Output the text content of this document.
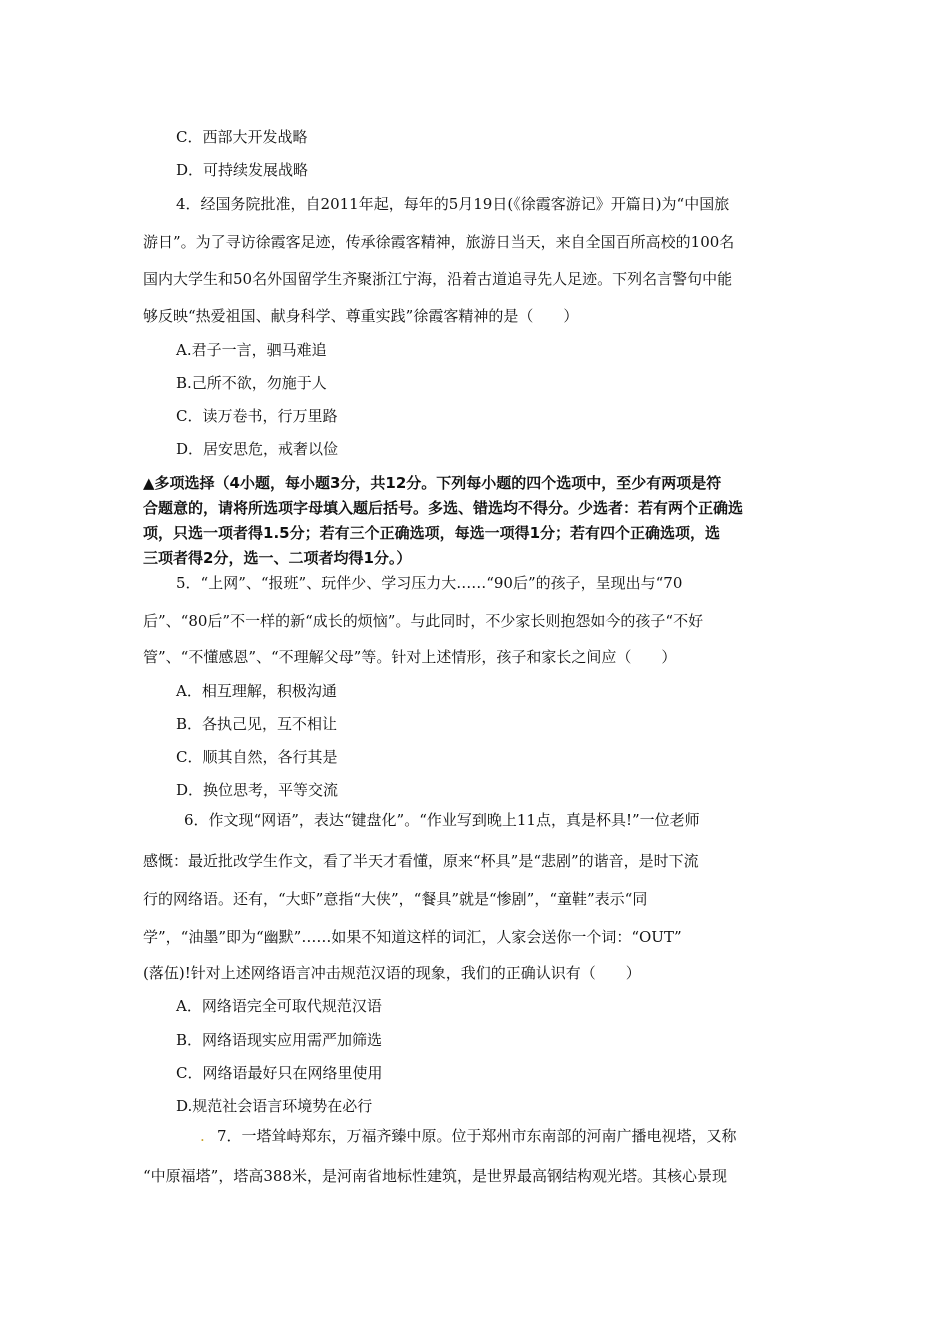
C．西部大开发战略
D．可持续发展战略
4．经国务院批准，自2011年起，每年的5月19日(《徐霞客游记》开篇日)为“中国旅
游日”。为了寻访徐霞客足迹，传承徐霞客精神，旅游日当天，来自全国百所高校的100名
国内大学生和50名外国留学生齐聚浙江宁海，沿着古道追寻先人足迹。下列名言警句中能
够反映“热爱祖国、献身科学、尊重实践”徐霞客精神的是（　　）
A.君子一言，驷马难追
B.己所不欲，勿施于人
C．读万卷书，行万里路
D．居安思危，戒奢以俭
▲多项选择（4小题，每小题3分，共12分。下列每小题的四个选项中，至少有两项是符
合题意的，请将所选项字母填入题后括号。多选、错选均不得分。少选者：若有两个正确选
项，只选一项者得1.5分；若有三个正确选项，每选一项得1分；若有四个正确选项，选
三项者得2分，选一、二项者均得1分。）
5．“上网”、“报班”、玩伴少、学习压力大……“90后”的孩子，呈现出与“70
后”、“80后”不一样的新“成长的烦恼”。与此同时，不少家长则抱怨如今的孩子“不好
管”、“不懂感恩”、“不理解父母”等。针对上述情形，孩子和家长之间应（　　）
A．相互理解，积极沟通
B．各执己见，互不相让
C．顺其自然，各行其是
D．换位思考，平等交流
6．作文现“网语”，表达“键盘化”。“作业写到晚上11点，真是杯具!”一位老师
感慨：最近批改学生作文，看了半天才看懂，原来“杯具”是“悲剧”的谐音，是时下流
行的网络语。还有，“大虾”意指“大侠”，“餐具”就是“惨剧”，“童鞋”表示“同
学”，“油墨”即为“幽默”……如果不知道这样的词汇，人家会送你一个词：“OUT”
(落伍)!针对上述网络语言冲击规范汉语的现象，我们的正确认识有（　　）
A．网络语完全可取代规范汉语
B．网络语现实应用需严加筛选
C．网络语最好只在网络里使用
D.规范社会语言环境势在必行
. 7．一塔耸峙郑东，万福齐臻中原。位于郑州市东南部的河南广播电视塔，又称
“中原福塔”，塔高388米，是河南省地标性建筑，是世界最高钢结构观光塔。其核心景现
